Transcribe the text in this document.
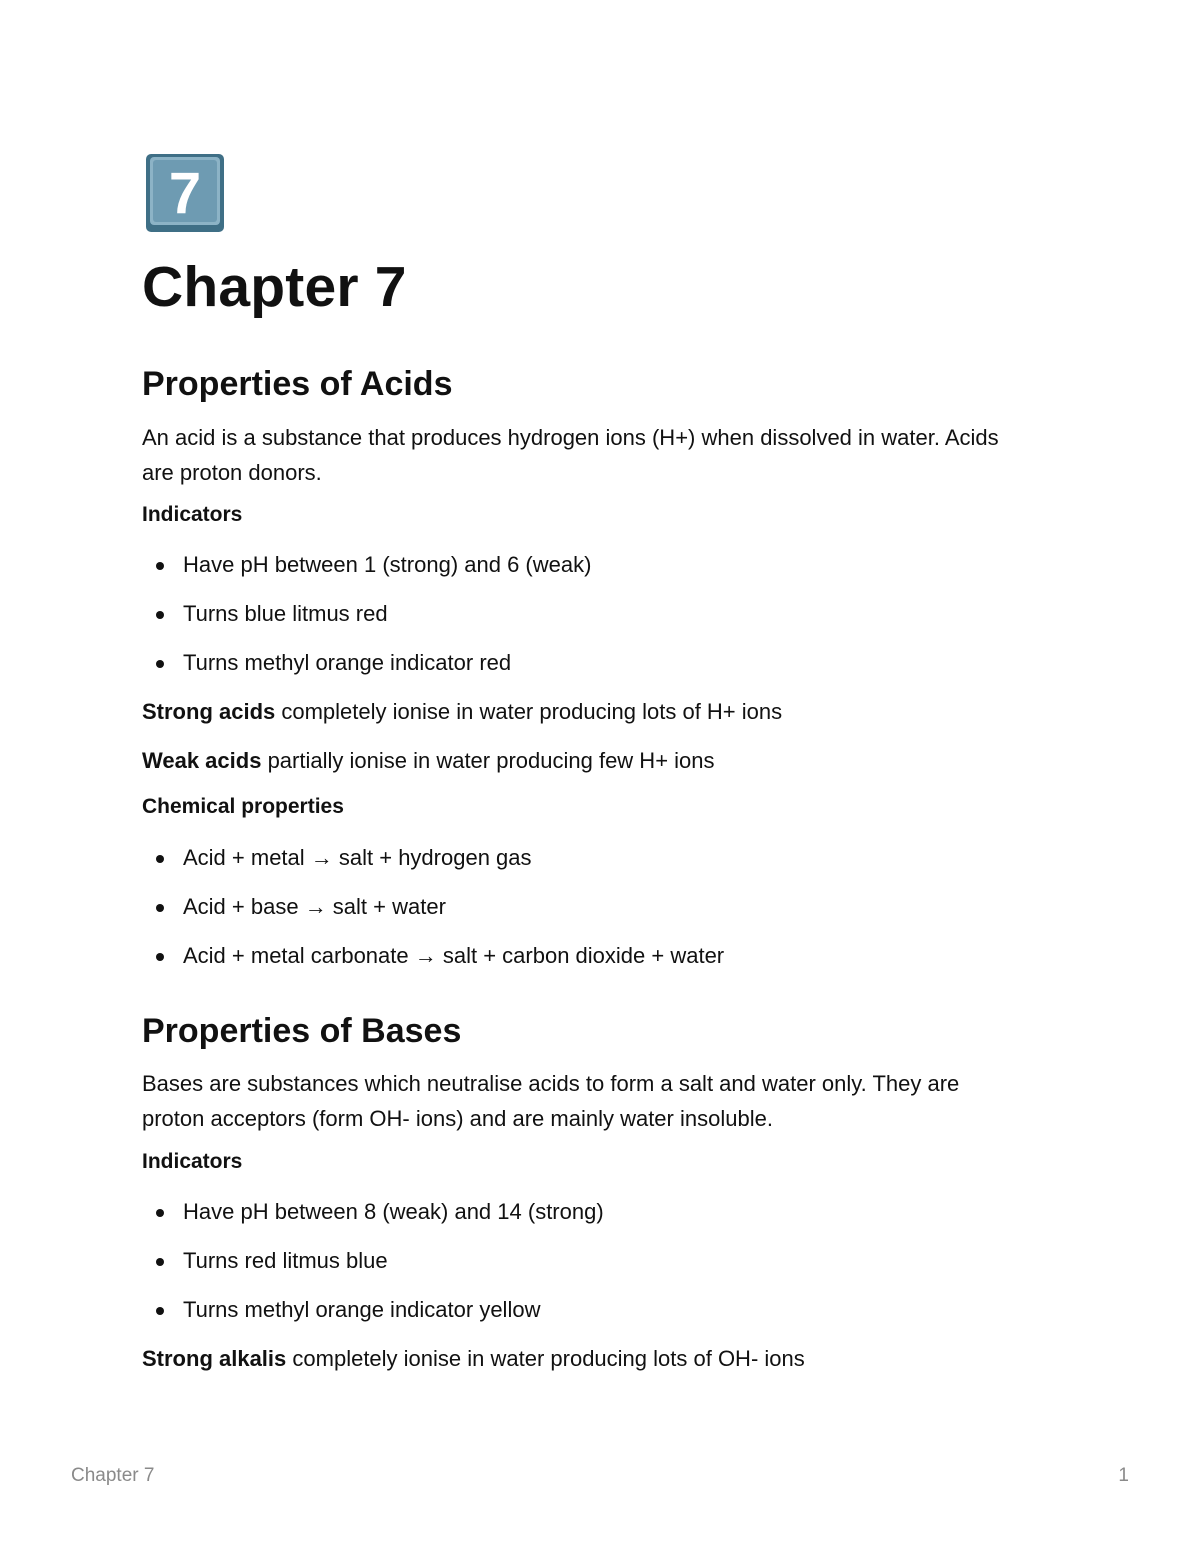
7
Chapter 7
Properties of Acids

An acid is a substance that produces hydrogen ions (H+) when dissolved in water. Acids

are proton donors.

Indicators

Have pH between 1 (strong) and 6 (weak)
Turns blue litmus red
Turns methyl orange indicator red

Strong acids completely ionise in water producing lots of H+ ions

Weak acids partially ionise in water producing few H+ ions

Chemical properties

Acid + metal → salt + hydrogen gas
Acid + base → salt + water
Acid + metal carbonate → salt + carbon dioxide + water
Properties of Bases

Bases are substances which neutralise acids to form a salt and water only. They are

proton acceptors (form OH- ions) and are mainly water insoluble.

Indicators

Have pH between 8 (weak) and 14 (strong)
Turns red litmus blue
Turns methyl orange indicator yellow

Strong alkalis completely ionise in water producing lots of OH- ions

Chapter 7	1
